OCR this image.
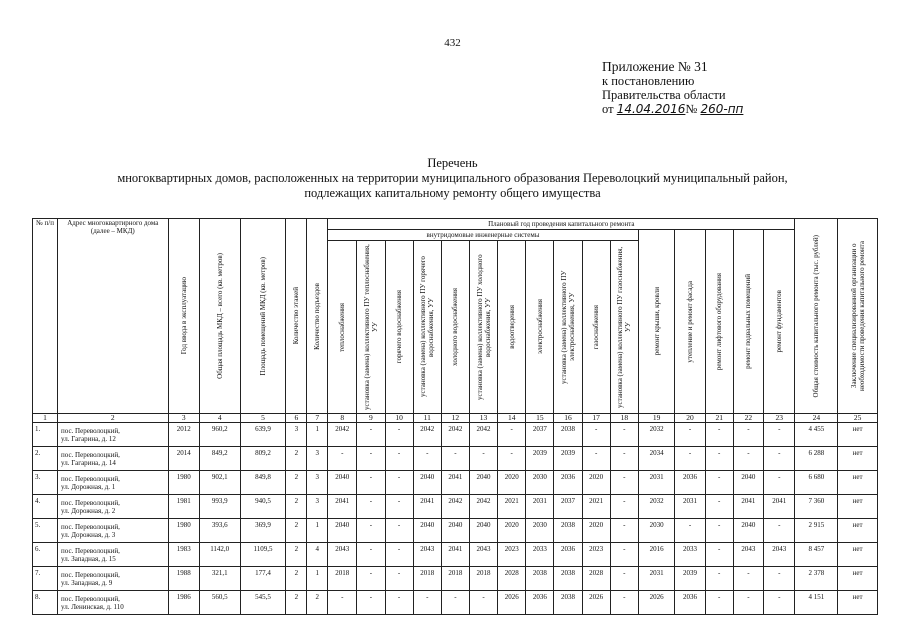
432
Приложение № 31
к постановлению
Правительства области
от 14.04.2016№ 260-пп
Перечень
многоквартирных домов, расположенных на территории муниципального образования Переволоцкий муниципальный район,
подлежащих капитальному ремонту общего имущества
№ п/п	Адрес многоквартирного дома (далее – МКД)	Год ввода в эксплуатацию	Общая площадь МКД – всего (кв. метров)	Площадь помещений МКД (кв. метров)	Количество этажей	Количество подъездов	Плановый год проведения капитального ремонта																Общая стоимость капитального ремонта (тыс. рублей)	Заключение специализированной организации о необходимости проведения капитального ремонта

							внутридомовые инженерные системы											ремонт крыши, кровли	утепление и ремонт фасада	ремонт лифтового оборудования	ремонт подвальных помещений	ремонт фундаментов		

							теплоснабжения	установка (замена) коллективного ПУ теплоснабжения, УУ	горячего водоснабжения	установка (замена) коллективного ПУ горячего водоснабжения, УУ	холодного водоснабжения	установка (замена) коллективного ПУ холодного водоснабжения, УУ	водоотведения	электроснабжения	установка (замена) коллективного ПУ электроснабжения, УУ	газоснабжения	установка (замена) коллективного ПУ газоснабжения, УУ							

1	2	3	4	5	6	7	8	9	10	11	12	13	14	15	16	17	18	19	20	21	22	23	24	25
1.	пос. Переволоцкий,
ул. Гагарина, д. 12	2012	960,2	639,9	3	1	2042	-	-	2042	2042	2042	-	2037	2038	-	-	2032	-	-	-	-	4 455	нет
2.	пос. Переволоцкий,
ул. Гагарина, д. 14	2014	849,2	809,2	2	3	-	-	-	-	-	-	-	2039	2039	-	-	2034	-	-	-	-	6 288	нет
3.	пос. Переволоцкий,
ул. Дорожная, д. 1	1980	902,1	849,8	2	3	2040	-	-	2040	2041	2040	2020	2030	2036	2020	-	2031	2036	-	2040	-	6 680	нет
4.	пос. Переволоцкий,
ул. Дорожная, д. 2	1981	993,9	940,5	2	3	2041	-	-	2041	2042	2042	2021	2031	2037	2021	-	2032	2031	-	2041	2041	7 360	нет
5.	пос. Переволоцкий,
ул. Дорожная, д. 3	1980	393,6	369,9	2	1	2040	-	-	2040	2040	2040	2020	2030	2038	2020	-	2030	-	-	2040	-	2 915	нет
6.	пос. Переволоцкий,
ул. Западная, д. 15	1983	1142,0	1109,5	2	4	2043	-	-	2043	2041	2043	2023	2033	2036	2023	-	2016	2033	-	2043	2043	8 457	нет
7.	пос. Переволоцкий,
ул. Западная, д. 9	1988	321,1	177,4	2	1	2018	-	-	2018	2018	2018	2028	2038	2038	2028	-	2031	2039	-	-	-	2 378	нет
8.	пос. Переволоцкий,
ул. Ленинская, д. 110	1986	560,5	545,5	2	2	-	-	-	-	-	-	2026	2036	2038	2026	-	2026	2036	-	-	-	4 151	нет
